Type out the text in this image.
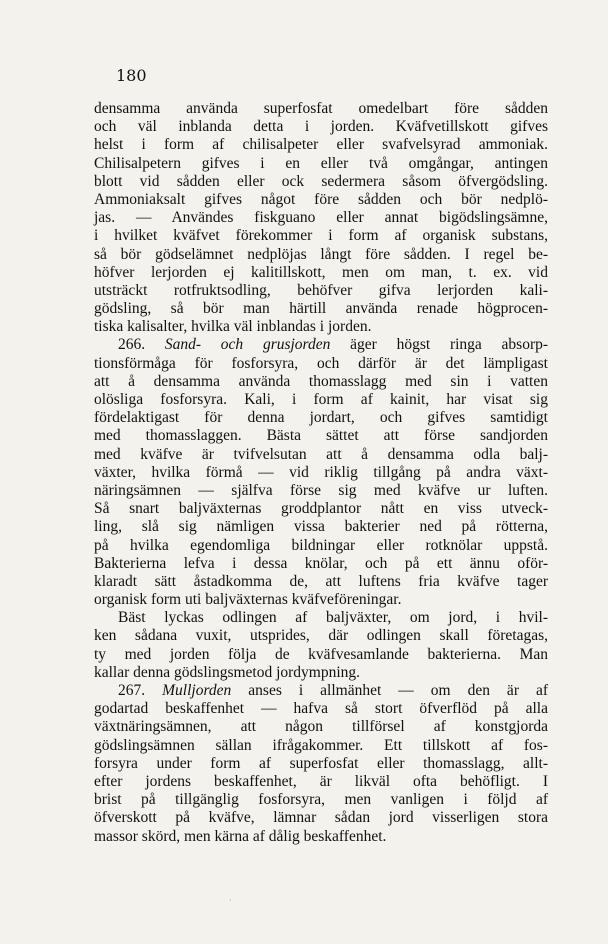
180
densamma använda superfosfat omedelbart före sådden
och väl inblanda detta i jorden. Kväfvetillskott gifves
helst i form af chilisalpeter eller svafvelsyrad ammoniak.
Chilisalpetern gifves i en eller två omgångar, antingen
blott vid sådden eller ock sedermera såsom öfvergödsling.
Ammoniaksalt gifves något före sådden och bör nedplö-
jas. — Användes fiskguano eller annat bigödslingsämne,
i hvilket kväfvet förekommer i form af organisk substans,
så bör gödselämnet nedplöjas långt före sådden. I regel be-
höfver lerjorden ej kalitillskott, men om man, t. ex. vid
utsträckt rotfruktsodling, behöfver gifva lerjorden kali-
gödsling, så bör man härtill använda renade högprocen-
tiska kalisalter, hvilka väl inblandas i jorden.
266. Sand- och grusjorden äger högst ringa absorp-
tionsförmåga för fosforsyra, och därför är det lämpligast
att å densamma använda thomasslagg med sin i vatten
olösliga fosforsyra. Kali, i form af kainit, har visat sig
fördelaktigast för denna jordart, och gifves samtidigt
med thomasslaggen. Bästa sättet att förse sandjorden
med kväfve är tvifvelsutan att å densamma odla balj-
växter, hvilka förmå — vid riklig tillgång på andra växt-
näringsämnen — själfva förse sig med kväfve ur luften.
Så snart baljväxternas groddplantor nått en viss utveck-
ling, slå sig nämligen vissa bakterier ned på rötterna,
på hvilka egendomliga bildningar eller rotknölar uppstå.
Bakterierna lefva i dessa knölar, och på ett ännu oför-
klaradt sätt åstadkomma de, att luftens fria kväfve tager
organisk form uti baljväxternas kväfveföreningar.
Bäst lyckas odlingen af baljväxter, om jord, i hvil-
ken sådana vuxit, utsprides, där odlingen skall företagas,
ty med jorden följa de kväfvesamlande bakterierna. Man
kallar denna gödslingsmetod jordympning.
267. Mulljorden anses i allmänhet — om den är af
godartad beskaffenhet — hafva så stort öfverflöd på alla
växtnäringsämnen, att någon tillförsel af konstgjorda
gödslingsämnen sällan ifrågakommer. Ett tillskott af fos-
forsyra under form af superfosfat eller thomasslagg, allt-
efter jordens beskaffenhet, är likväl ofta behöfligt. I
brist på tillgänglig fosforsyra, men vanligen i följd af
öfverskott på kväfve, lämnar sådan jord visserligen stora
massor skörd, men kärna af dålig beskaffenhet.
·
